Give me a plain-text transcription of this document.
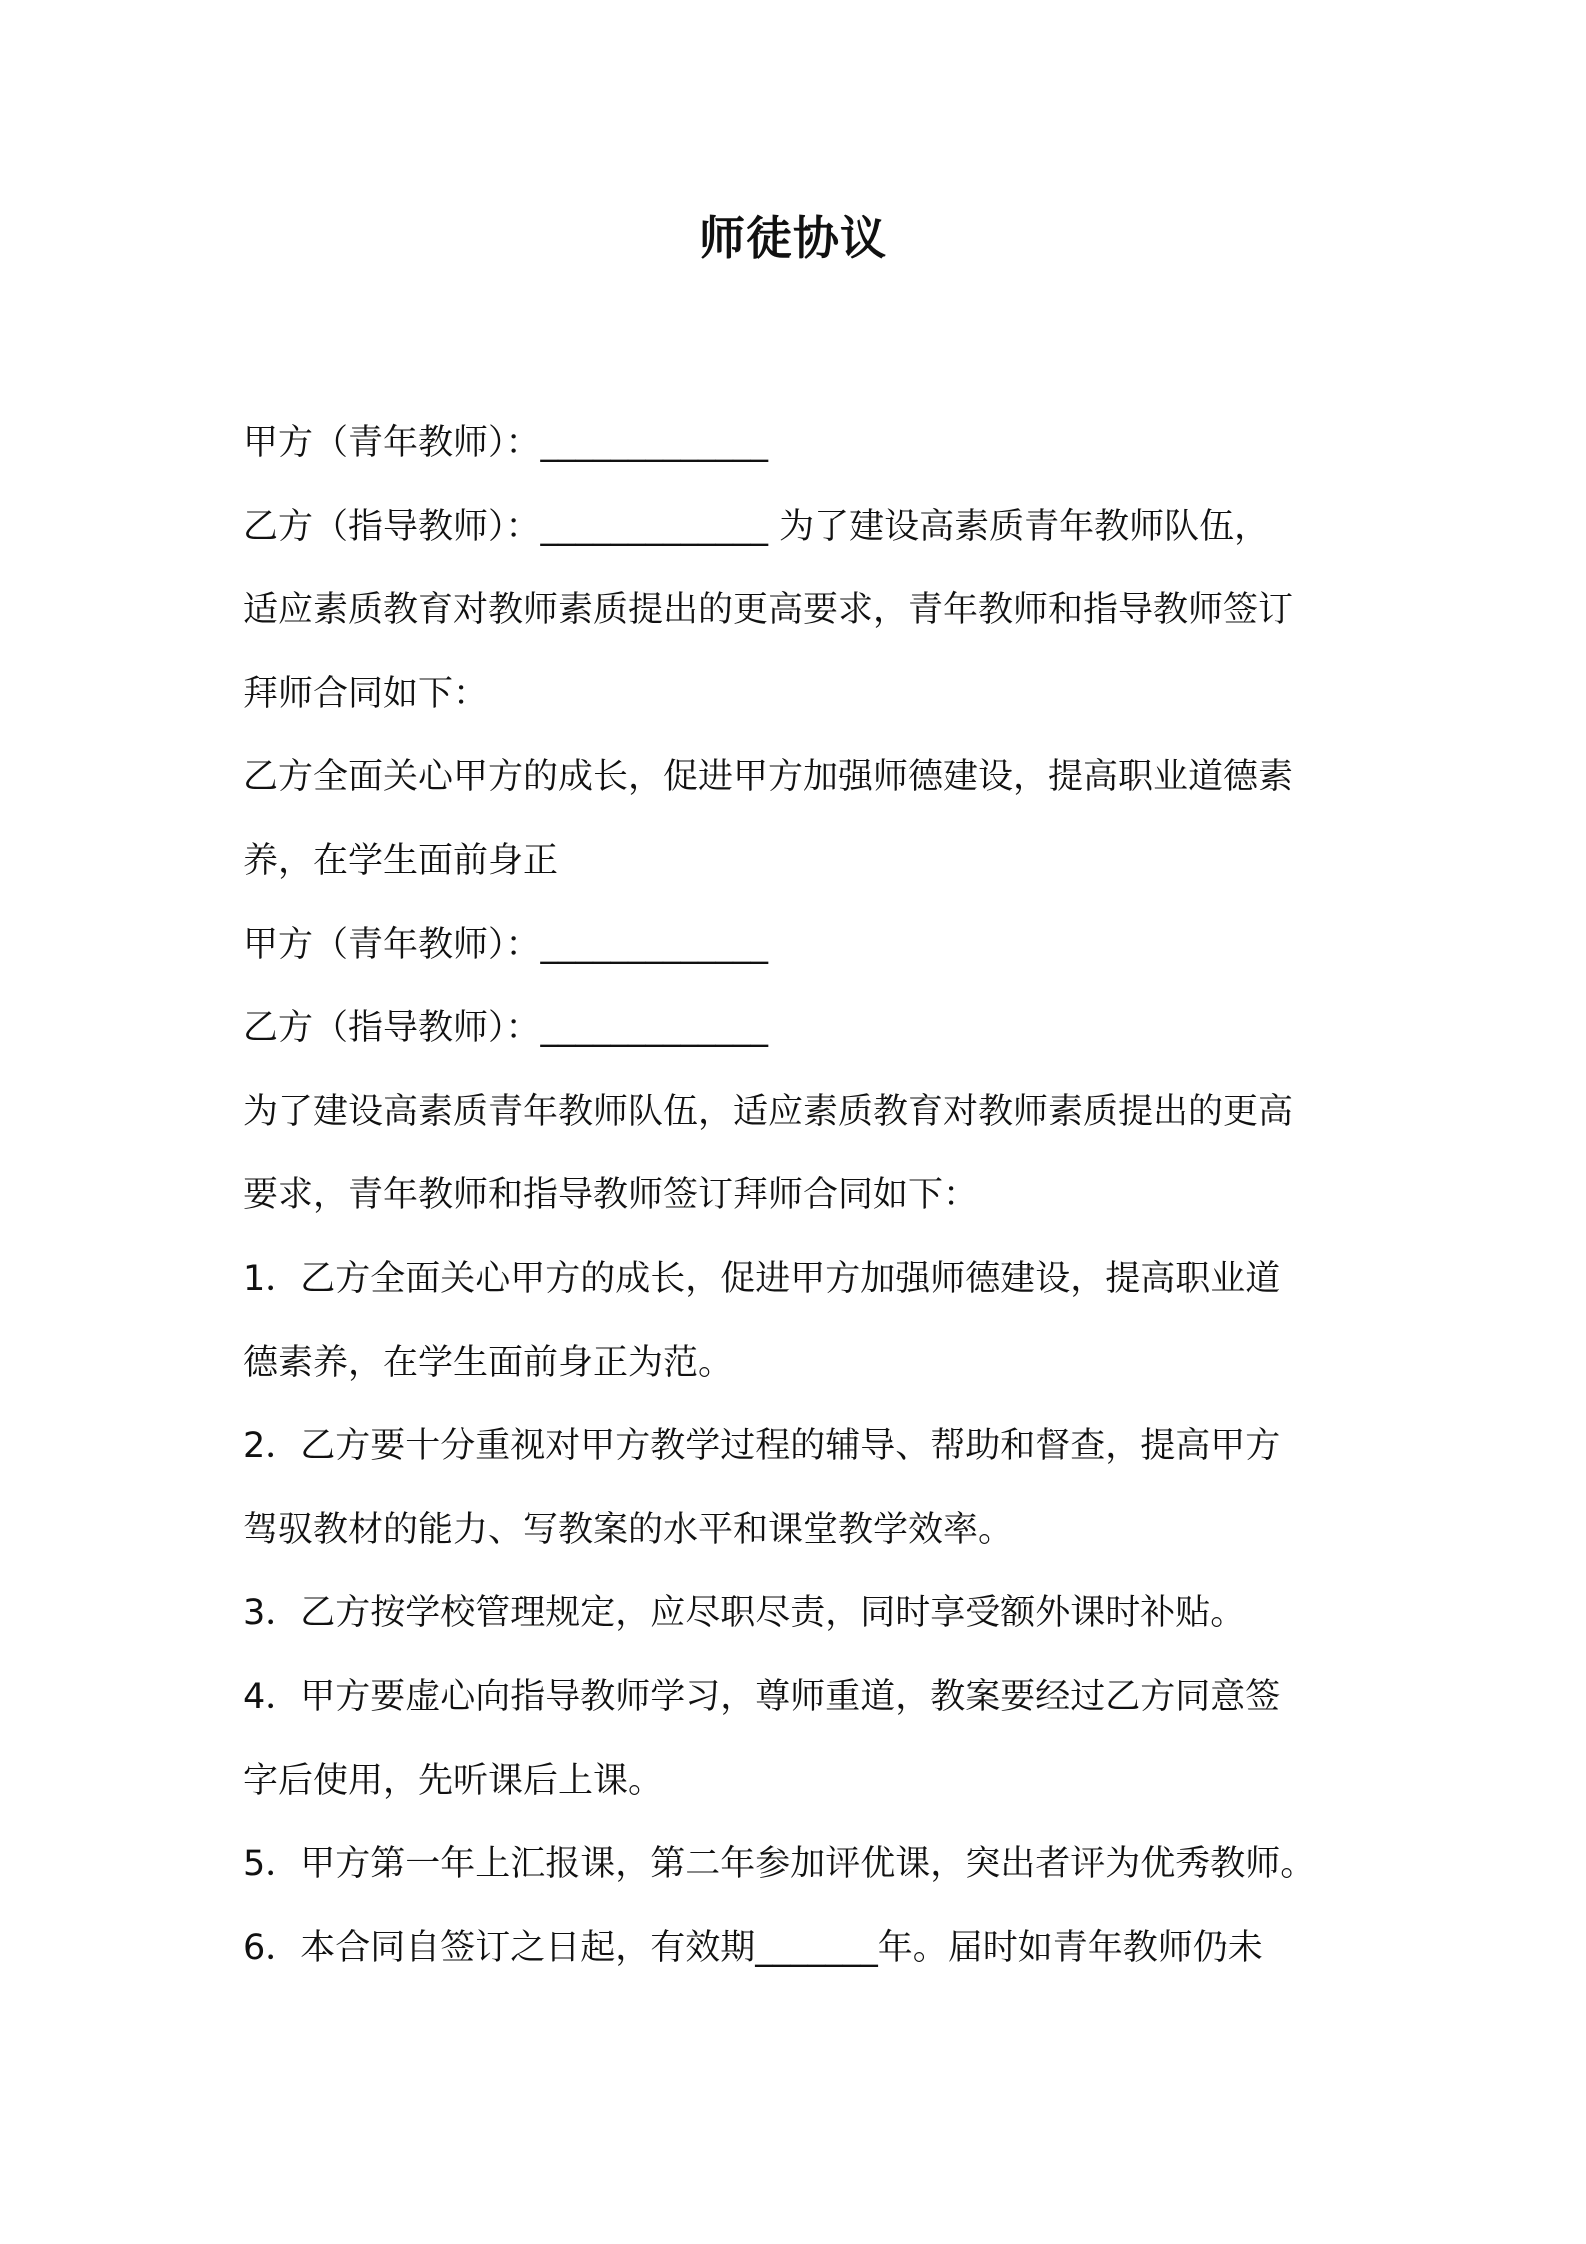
师徒协议
甲方（青年教师）：_____________
乙方（指导教师）：_____________ 为了建设高素质青年教师队伍，
适应素质教育对教师素质提出的更高要求，青年教师和指导教师签订
拜师合同如下：
乙方全面关心甲方的成长，促进甲方加强师德建设，提高职业道德素
养，在学生面前身正
甲方（青年教师）：_____________
乙方（指导教师）：_____________
为了建设高素质青年教师队伍，适应素质教育对教师素质提出的更高
要求，青年教师和指导教师签订拜师合同如下：
1．乙方全面关心甲方的成长，促进甲方加强师德建设，提高职业道
德素养，在学生面前身正为范。
2．乙方要十分重视对甲方教学过程的辅导、帮助和督查，提高甲方
驾驭教材的能力、写教案的水平和课堂教学效率。
3．乙方按学校管理规定，应尽职尽责，同时享受额外课时补贴。
4．甲方要虚心向指导教师学习，尊师重道，教案要经过乙方同意签
字后使用，先听课后上课。
5．甲方第一年上汇报课，第二年参加评优课，突出者评为优秀教师。
6．本合同自签订之日起，有效期_______年。届时如青年教师仍未
